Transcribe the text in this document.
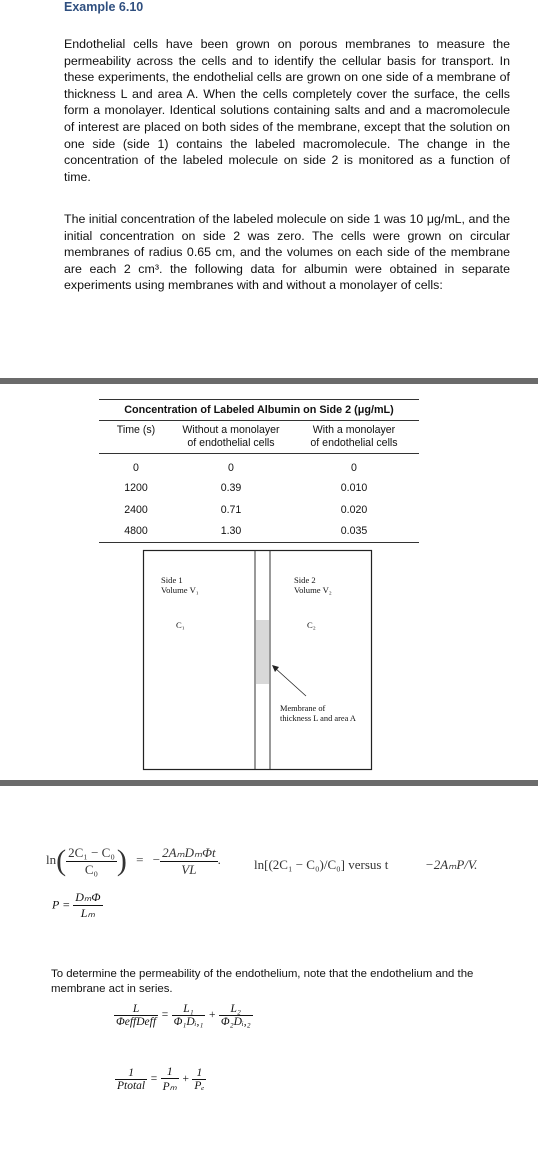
Example 6.10

Endothelial cells have been grown on porous membranes to measure the permeability across the cells and to identify the cellular basis for transport. In these experiments, the endothelial cells are grown on one side of a membrane of thickness L and area A. When the cells completely cover the surface, the cells form a monolayer. Identical solutions containing salts and and a macromolecule of interest are placed on both sides of the membrane, except that the solution on one side (side 1) contains the labeled macromolecule. The change in the concentration of the labeled molecule on side 2 is monitored as a function of time.

The initial concentration of the labeled molecule on side 1 was 10 μg/mL, and the initial concentration on side 2 was zero. The cells were grown on circular membranes of radius 0.65 cm, and the volumes on each side of the membrane are each 2 cm³. the following data for albumin were obtained in separate experiments using membranes with and without a monolayer of cells:

Concentration of Labeled Albumin on Side 2 (μg/mL)		
Time (s)	Without a monolayer	With a monolayer
	of endothelial cells	of endothelial cells
0	0	0
1200	0.39	0.010
2400	0.71	0.020
4800	1.30	0.035
Side 1
Volume V₁
C₁
Side 2
Volume V₂
C₂
Membrane of
thickness L and area A
$\ln( \frac{\text{2C₁ − C₀}}{\text{C₀}}$ ) = − $\frac{\text{2AₘDₘΦt}}{VL}$ .	ln[(2C₁ − C₀)/C₀] versus t	−2AₘP/V.
$P = \frac{\text{DₘΦ}}{\text{Lₘ}}$

To determine the permeability of the endothelium, note that the endothelium and the membrane act in series.

$\frac{L}{\text{ΦeffDeff}} = \frac{\text{L₁}}{\text{Φ₁Dᵢ,₁}} + \frac{\text{L₂}}{\text{Φ₂Dᵢ,₂}}$
$\frac{1}{\text{Ptotal}} = \frac{1}{\text{Pₘ}} + \frac{1}{\text{Pₑ}}$
